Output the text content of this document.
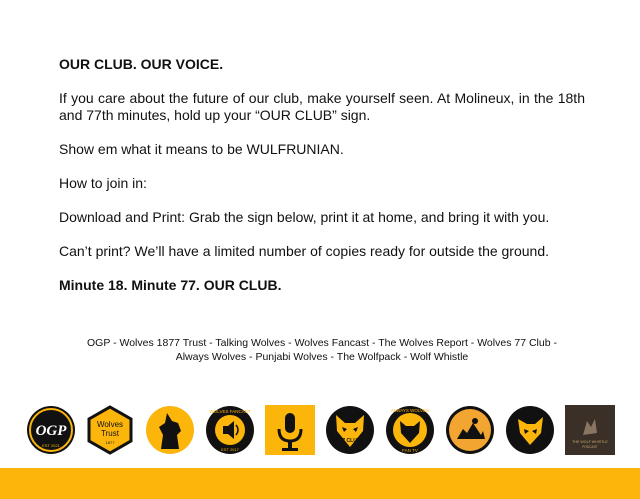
OUR CLUB. OUR VOICE.

If you care about the future of our club, make yourself seen. At Molineux, in the 18th and 77th minutes, hold up your “OUR CLUB” sign.

Show em what it means to be WULFRUNIAN.

How to join in:

Download and Print: Grab the sign below, print it at home, and bring it with you.

Can’t print? We’ll have a limited number of copies ready for outside the ground.

Minute 18. Minute 77. OUR CLUB.

OGP - Wolves 1877 Trust - Talking Wolves - Wolves Fancast - The Wolves Report - Wolves 77 Club -
Always Wolves - Punjabi Wolves - The Wolfpack - Wolf Whistle
OGP
EST 2021
Wolves
Trust
1877
WOLVES FANCAST
EST 2017
77 CLUB
ALWAYS WOLVES
FAN TV
THE WOLF WHISTLE
PODCAST
